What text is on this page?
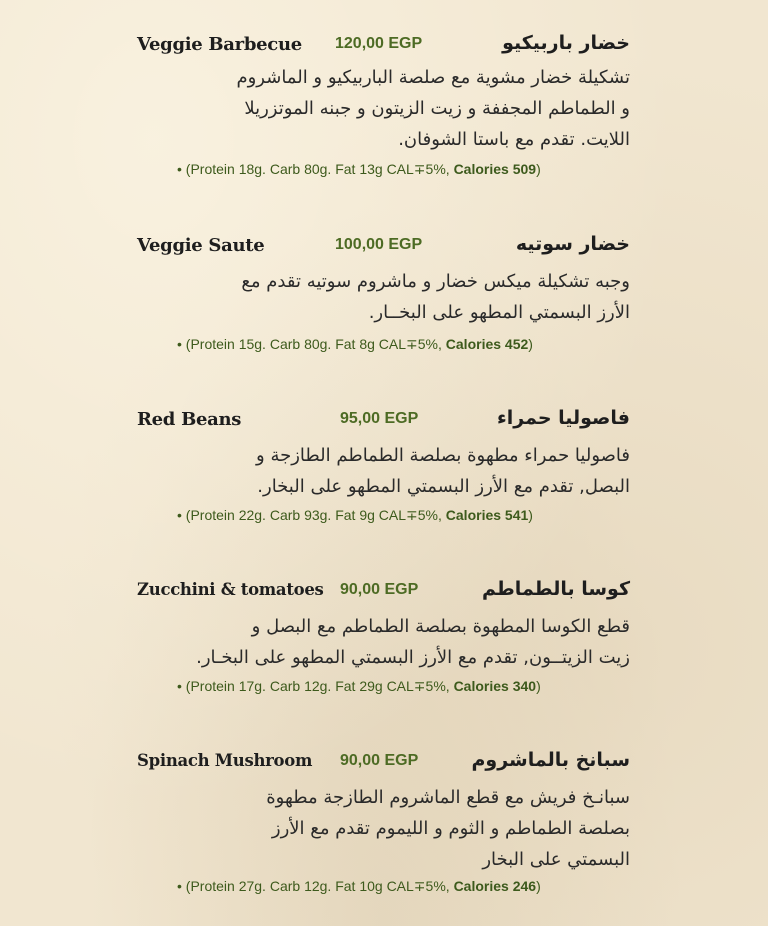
Veggie Barbecue 120,00 EGP	خضار باربيكيو
تشكيلة خضار مشوية مع صلصة الباربيكيو و الماشروم
و الطماطم المجففة و زيت الزيتون و جبنه الموتزريلا
اللايت. تقدم مع باستا الشوفان.
• (Protein 18g. Carb 80g. Fat 13g CAL∓5%, Calories 509)
Veggie Saute	100,00 EGP	خضار سوتيه
وجبه تشكيلة ميكس خضار و ماشروم سوتيه تقدم مع
الأرز البسمتي المطهو على البخــار.
• (Protein 15g. Carb 80g. Fat 8g CAL∓5%, Calories 452)
Red Beans	95,00 EGP	فاصوليا حمراء
فاصوليا حمراء مطهوة بصلصة الطماطم الطازجة و
البصل, تقدم مع الأرز البسمتي المطهو على البخار.
• (Protein 22g. Carb 93g. Fat 9g CAL∓5%, Calories 541)
Zucchini & tomatoes 90,00 EGP	كوسا بالطماطم
قطع الكوسا المطهوة بصلصة الطماطم مع البصل و
زيت الزيتــون, تقدم مع الأرز البسمتي المطهو على البخـار.
• (Protein 17g. Carb 12g. Fat 29g CAL∓5%, Calories 340)
Spinach Mushroom 90,00 EGP	سبانخ بالماشروم
سبانـخ فريش مع قطع الماشروم الطازجة مطهوة
بصلصة الطماطم و الثوم و الليموم تقدم مع الأرز
البسمتي على البخار
• (Protein 27g. Carb 12g. Fat 10g CAL∓5%, Calories 246)
